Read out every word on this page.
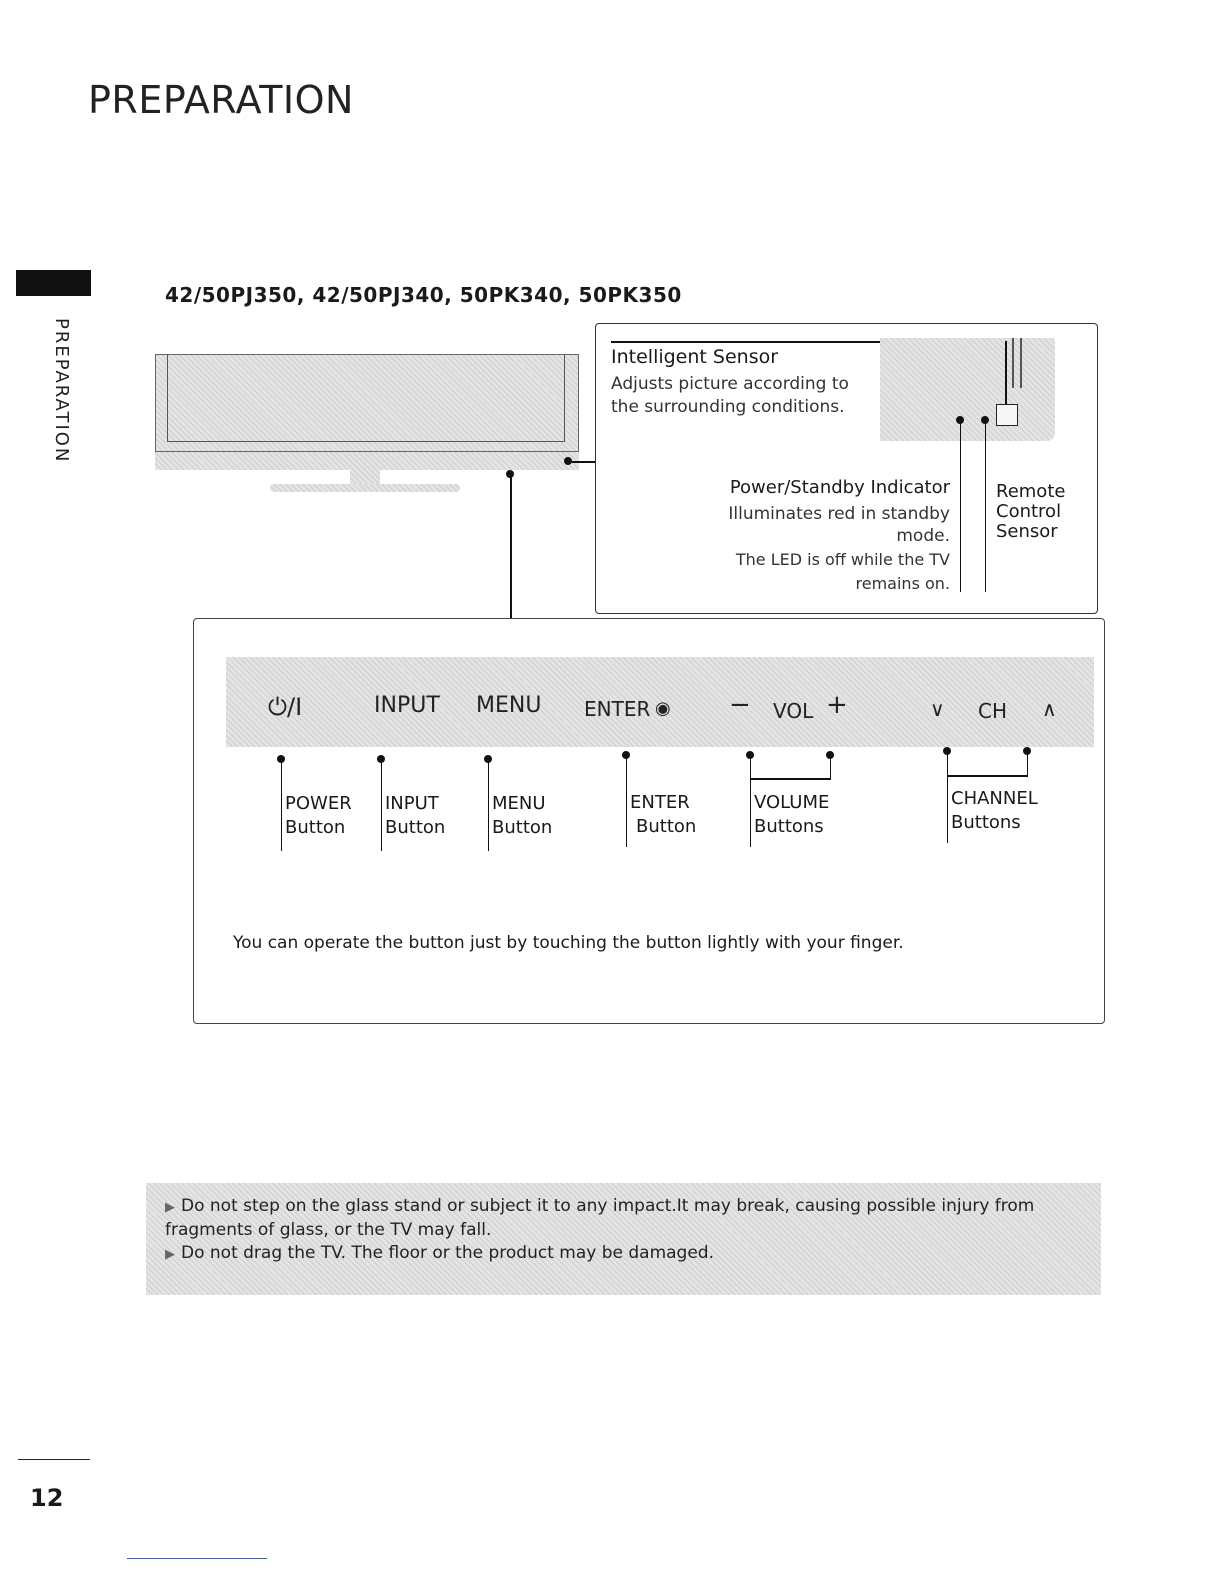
PREPARATION
PREPARATION
42/50PJ350, 42/50PJ340, 50PK340, 50PK350
Intelligent Sensor
Adjusts picture according to the surrounding conditions.
Power/Standby Indicator
Illuminates red in standby mode.
The LED is off while the TV remains on.
Remote Control Sensor
⏻/I	INPUT MENU ENTER ◉ − VOL +	∨ CH ∧
POWER
Button
INPUT
Button
MENU
Button
ENTER
Button
VOLUME
Buttons
CHANNEL
Buttons
You can operate the button just by touching the button lightly with your finger.
▶ Do not step on the glass stand or subject it to any impact.It may break, causing possible injury from fragments of glass, or the TV may fall.
▶ Do not drag the TV. The floor or the product may be damaged.
12
